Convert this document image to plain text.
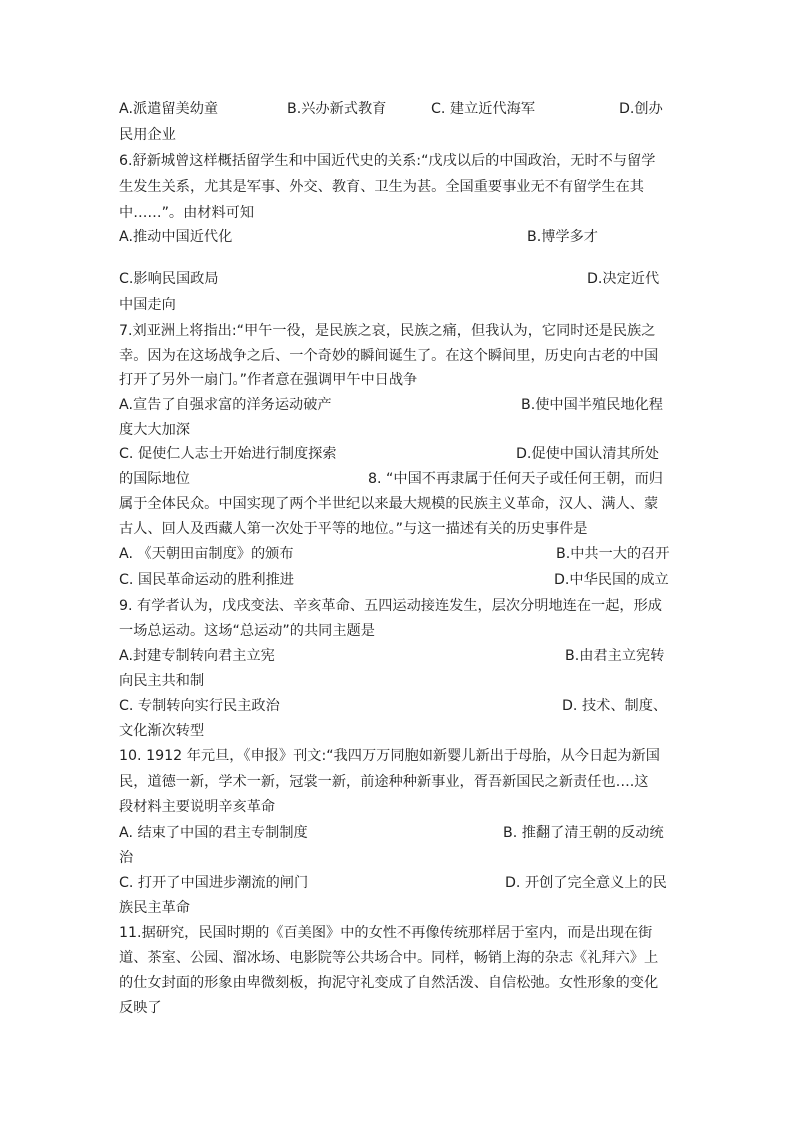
A.派遣留美幼童	B.兴办新式教育	C. 建立近代海军	D.创办
民用企业
6.舒新城曾这样概括留学生和中国近代史的关系:“戊戌以后的中国政治，无时不与留学
生发生关系，尤其是军事、外交、教育、卫生为甚。全国重要事业无不有留学生在其
中……”。由材料可知
A.推动中国近代化	B.博学多才
C.影响民国政局	D.决定近代
中国走向
7.刘亚洲上将指出:“甲午一役，是民族之哀，民族之痛，但我认为，它同时还是民族之
幸。因为在这场战争之后、一个奇妙的瞬间诞生了。在这个瞬间里，历史向古老的中国
打开了另外一扇门。”作者意在强调甲午中日战争
A.宣告了自强求富的洋务运动破产	B.使中国半殖民地化程
度大大加深
C. 促使仁人志士开始进行制度探索	D.促使中国认清其所处
的国际地位	8. “中国不再隶属于任何天子或任何王朝，而归
属于全体民众。中国实现了两个半世纪以来最大规模的民族主义革命，汉人、满人、蒙
古人、回人及西藏人第一次处于平等的地位。”与这一描述有关的历史事件是
A. 《天朝田亩制度》的颁布	B.中共一大的召开
C. 国民革命运动的胜利推进	D.中华民国的成立
9. 有学者认为，戊戌变法、辛亥革命、五四运动接连发生，层次分明地连在一起，形成
一场总运动。这场“总运动”的共同主题是
A.封建专制转向君主立宪	B.由君主立宪转
向民主共和制
C. 专制转向实行民主政治	D. 技术、制度、
文化渐次转型
10. 1912 年元旦，《申报》刊文:“我四万万同胞如新婴儿新出于母胎，从今日起为新国
民，道德一新，学术一新，冠裳一新，前途种种新事业，胥吾新国民之新责任也….这
段材料主要说明辛亥革命
A. 结束了中国的君主专制制度	B. 推翻了清王朝的反动统
治
C. 打开了中国进步潮流的闸门	D. 开创了完全意义上的民
族民主革命
11.据研究，民国时期的《百美图》中的女性不再像传统那样居于室内，而是出现在街
道、茶室、公园、溜冰场、电影院等公共场合中。同样，畅销上海的杂志《礼拜六》上
的仕女封面的形象由卑微刻板，拘泥守礼变成了自然活泼、自信松弛。女性形象的变化
反映了
